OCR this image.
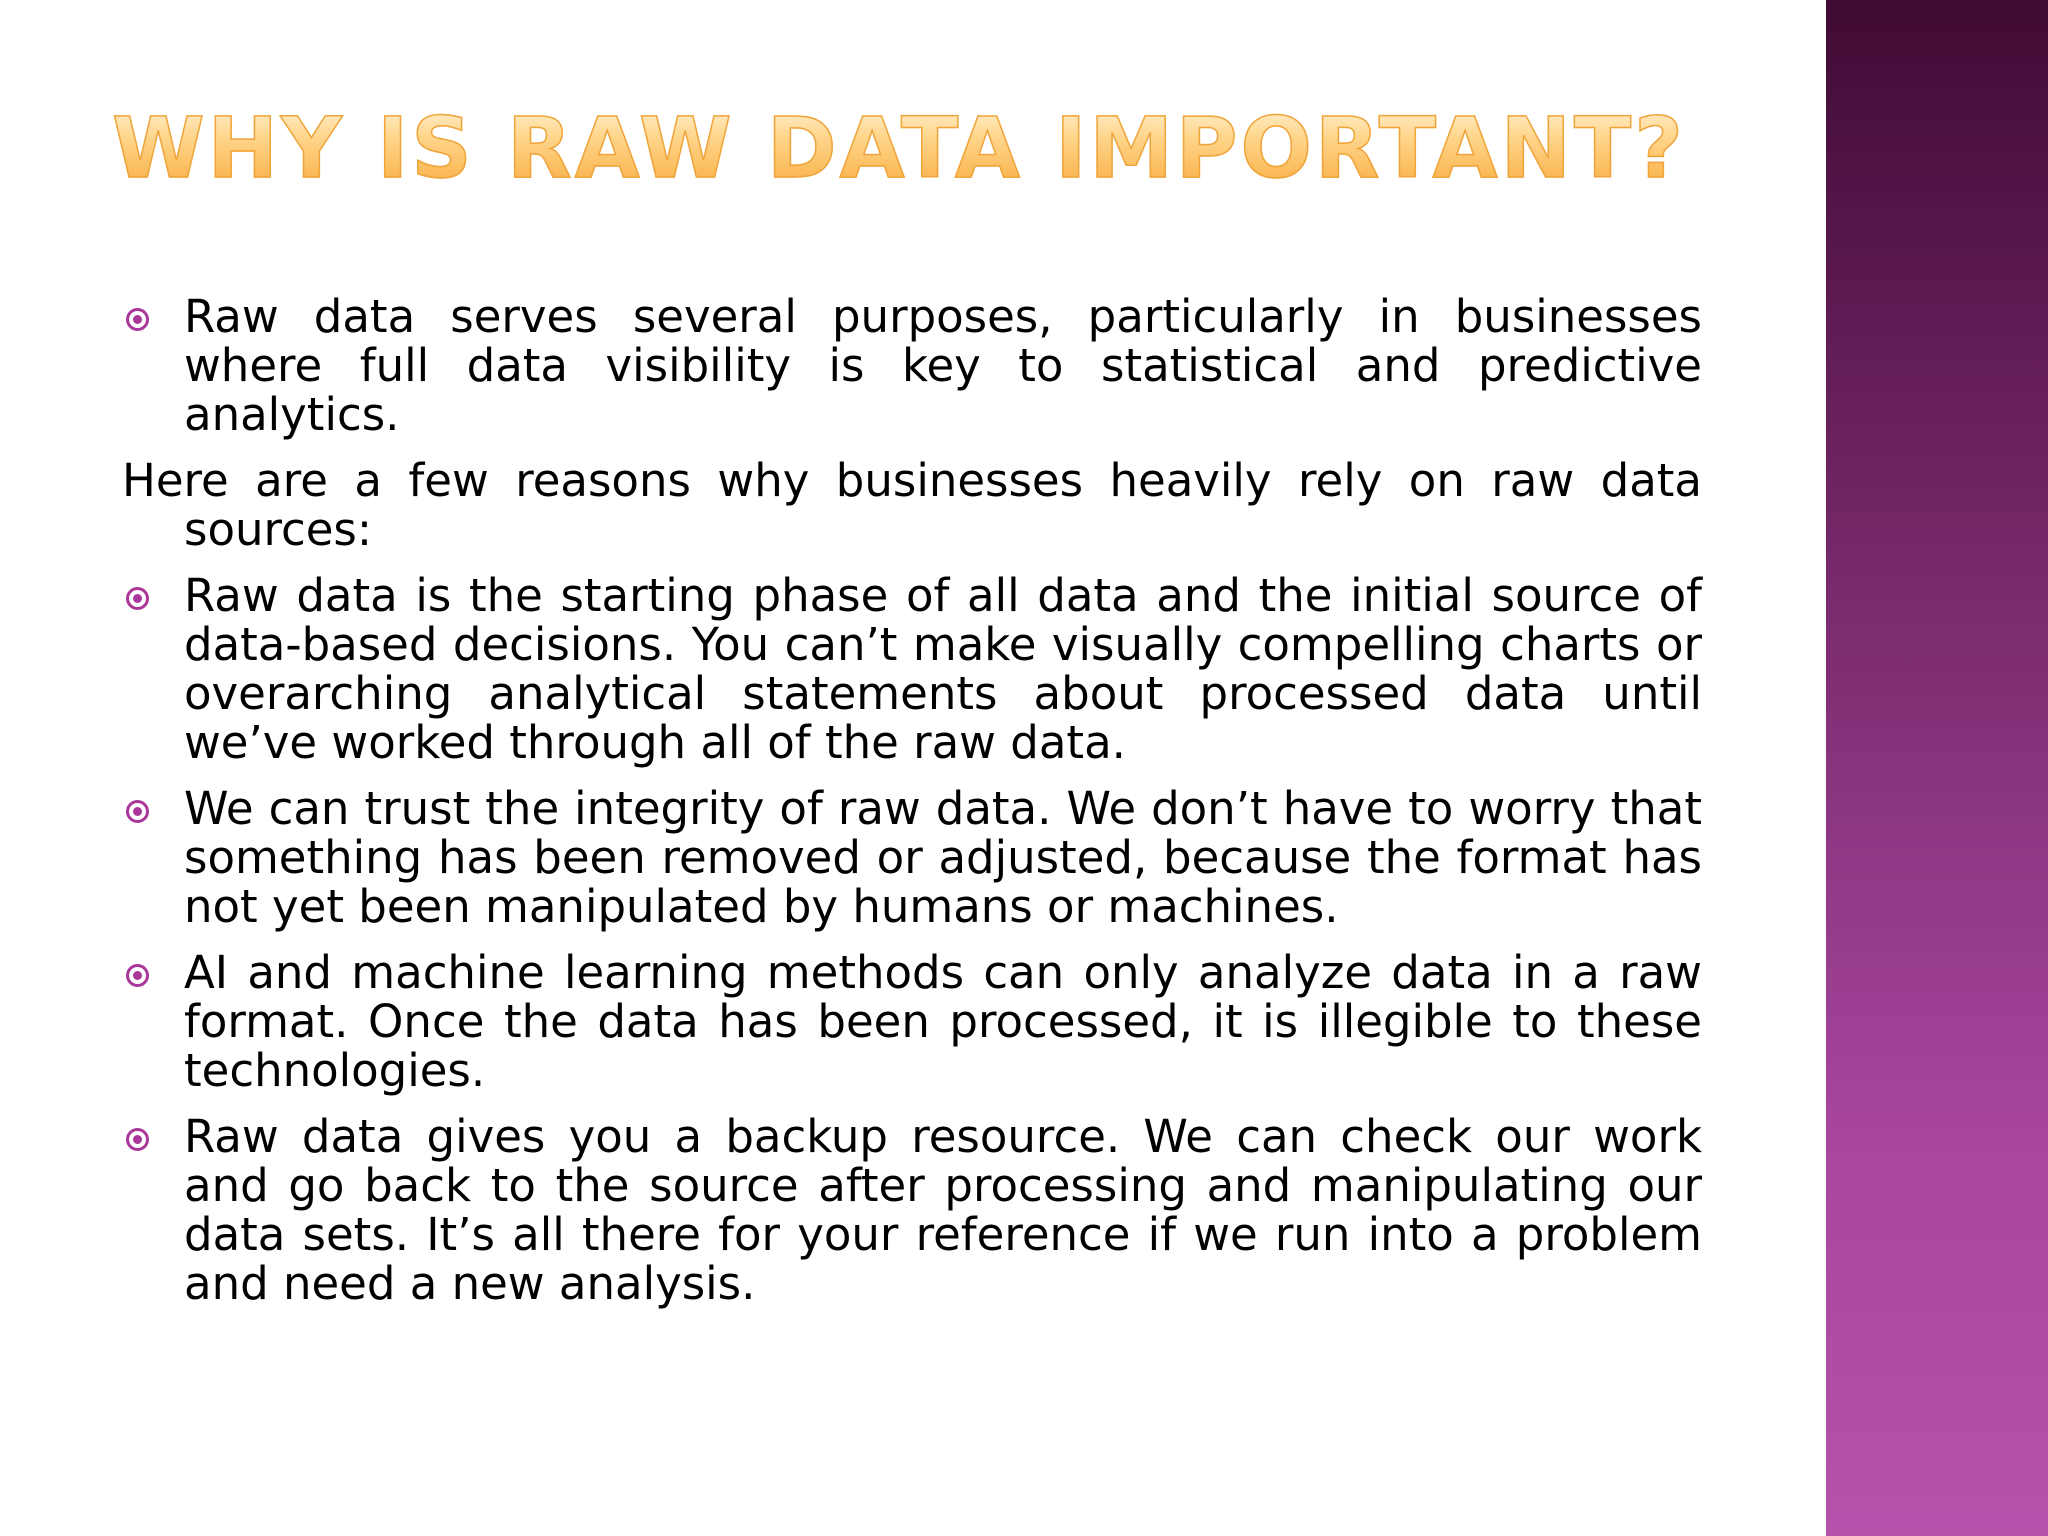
WHY IS RAW DATA IMPORTANT?

Raw data serves several purposes, particularly in businesses where full data visibility is key to statistical and predictive analytics.

Here are a few reasons why businesses heavily rely on raw data sources:

Raw data is the starting phase of all data and the initial source of data-based decisions. You can’t make visually compelling charts or overarching analytical statements about processed data until we’ve worked through all of the raw data.

We can trust the integrity of raw data. We don’t have to worry that something has been removed or adjusted, because the format has not yet been manipulated by humans or machines.

AI and machine learning methods can only analyze data in a raw format. Once the data has been processed, it is illegible to these technologies.

Raw data gives you a backup resource. We can check our work and go back to the source after processing and manipulating our data sets. It’s all there for your reference if we run into a problem and need a new analysis.
